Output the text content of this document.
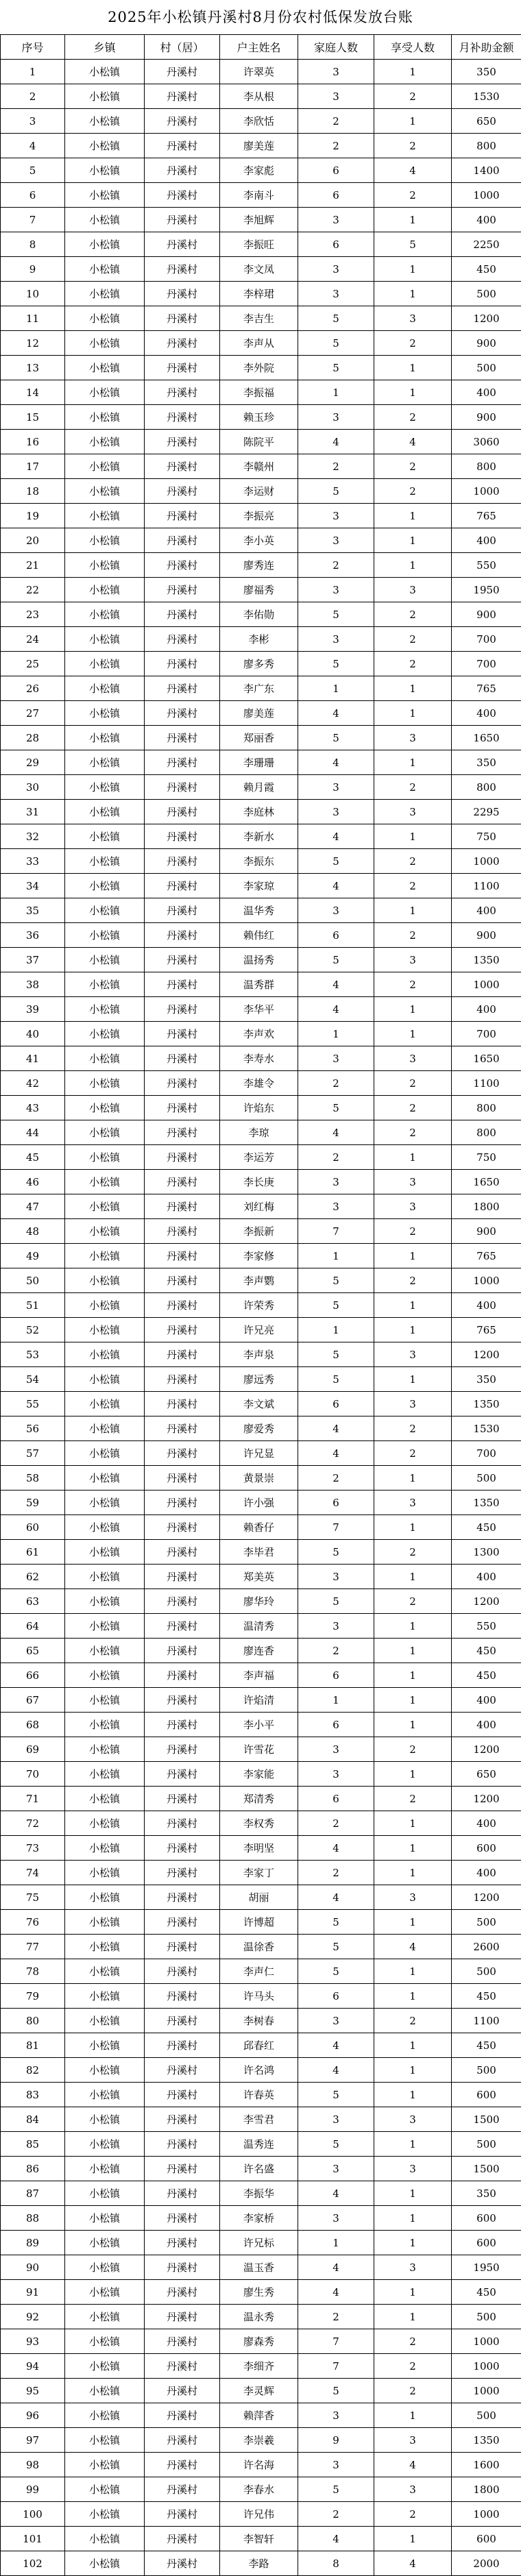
2025年小松镇丹溪村8月份农村低保发放台账
序号	乡镇	村（居）	户主姓名	家庭人数	享受人数	月补助金额
1	小松镇	丹溪村	许翠英	3	1	350
2	小松镇	丹溪村	李从根	3	2	1530
3	小松镇	丹溪村	李欣恬	2	1	650
4	小松镇	丹溪村	廖美莲	2	2	800
5	小松镇	丹溪村	李家彪	6	4	1400
6	小松镇	丹溪村	李南斗	6	2	1000
7	小松镇	丹溪村	李旭辉	3	1	400
8	小松镇	丹溪村	李振旺	6	5	2250
9	小松镇	丹溪村	李文凤	3	1	450
10	小松镇	丹溪村	李梓珺	3	1	500
11	小松镇	丹溪村	李吉生	5	3	1200
12	小松镇	丹溪村	李声从	5	2	900
13	小松镇	丹溪村	李外院	5	1	500
14	小松镇	丹溪村	李振福	1	1	400
15	小松镇	丹溪村	赖玉珍	3	2	900
16	小松镇	丹溪村	陈院平	4	4	3060
17	小松镇	丹溪村	李赣州	2	2	800
18	小松镇	丹溪村	李运财	5	2	1000
19	小松镇	丹溪村	李振亮	3	1	765
20	小松镇	丹溪村	李小英	3	1	400
21	小松镇	丹溪村	廖秀连	2	1	550
22	小松镇	丹溪村	廖福秀	3	3	1950
23	小松镇	丹溪村	李佑勋	5	2	900
24	小松镇	丹溪村	李彬	3	2	700
25	小松镇	丹溪村	廖多秀	5	2	700
26	小松镇	丹溪村	李广东	1	1	765
27	小松镇	丹溪村	廖美莲	4	1	400
28	小松镇	丹溪村	郑丽香	5	3	1650
29	小松镇	丹溪村	李珊珊	4	1	350
30	小松镇	丹溪村	赖月霞	3	2	800
31	小松镇	丹溪村	李庭林	3	3	2295
32	小松镇	丹溪村	李新水	4	1	750
33	小松镇	丹溪村	李振东	5	2	1000
34	小松镇	丹溪村	李家琼	4	2	1100
35	小松镇	丹溪村	温华秀	3	1	400
36	小松镇	丹溪村	赖伟红	6	2	900
37	小松镇	丹溪村	温扬秀	5	3	1350
38	小松镇	丹溪村	温秀群	4	2	1000
39	小松镇	丹溪村	李华平	4	1	400
40	小松镇	丹溪村	李声欢	1	1	700
41	小松镇	丹溪村	李寿水	3	3	1650
42	小松镇	丹溪村	李雄令	2	2	1100
43	小松镇	丹溪村	许焰东	5	2	800
44	小松镇	丹溪村	李琼	4	2	800
45	小松镇	丹溪村	李运芳	2	1	750
46	小松镇	丹溪村	李长庚	3	3	1650
47	小松镇	丹溪村	刘红梅	3	3	1800
48	小松镇	丹溪村	李振新	7	2	900
49	小松镇	丹溪村	李家修	1	1	765
50	小松镇	丹溪村	李声鹦	5	2	1000
51	小松镇	丹溪村	许荣秀	5	1	400
52	小松镇	丹溪村	许兄亮	1	1	765
53	小松镇	丹溪村	李声泉	5	3	1200
54	小松镇	丹溪村	廖远秀	5	1	350
55	小松镇	丹溪村	李文斌	6	3	1350
56	小松镇	丹溪村	廖爱秀	4	2	1530
57	小松镇	丹溪村	许兄显	4	2	700
58	小松镇	丹溪村	黄景崇	2	1	500
59	小松镇	丹溪村	许小强	6	3	1350
60	小松镇	丹溪村	赖香仔	7	1	450
61	小松镇	丹溪村	李毕君	5	2	1300
62	小松镇	丹溪村	郑美英	3	1	400
63	小松镇	丹溪村	廖华玲	5	2	1200
64	小松镇	丹溪村	温清秀	3	1	550
65	小松镇	丹溪村	廖连香	2	1	450
66	小松镇	丹溪村	李声福	6	1	450
67	小松镇	丹溪村	许焰清	1	1	400
68	小松镇	丹溪村	李小平	6	1	400
69	小松镇	丹溪村	许雪花	3	2	1200
70	小松镇	丹溪村	李家能	3	1	650
71	小松镇	丹溪村	郑清秀	6	2	1200
72	小松镇	丹溪村	李权秀	2	1	400
73	小松镇	丹溪村	李明坚	4	1	600
74	小松镇	丹溪村	李家丁	2	1	400
75	小松镇	丹溪村	胡丽	4	3	1200
76	小松镇	丹溪村	许博超	5	1	500
77	小松镇	丹溪村	温徐香	5	4	2600
78	小松镇	丹溪村	李声仁	5	1	500
79	小松镇	丹溪村	许马头	6	1	450
80	小松镇	丹溪村	李树春	3	2	1100
81	小松镇	丹溪村	邱春红	4	1	450
82	小松镇	丹溪村	许名鸿	4	1	500
83	小松镇	丹溪村	许春英	5	1	600
84	小松镇	丹溪村	李雪君	3	3	1500
85	小松镇	丹溪村	温秀连	5	1	500
86	小松镇	丹溪村	许名盛	3	3	1500
87	小松镇	丹溪村	李振华	4	1	350
88	小松镇	丹溪村	李家桥	3	1	600
89	小松镇	丹溪村	许兄标	1	1	600
90	小松镇	丹溪村	温玉香	4	3	1950
91	小松镇	丹溪村	廖生秀	4	1	450
92	小松镇	丹溪村	温永秀	2	1	500
93	小松镇	丹溪村	廖森秀	7	2	1000
94	小松镇	丹溪村	李细齐	7	2	1000
95	小松镇	丹溪村	李灵辉	5	2	1000
96	小松镇	丹溪村	赖萍香	3	1	500
97	小松镇	丹溪村	李崇羲	9	3	1350
98	小松镇	丹溪村	许名海	3	4	1600
99	小松镇	丹溪村	李春水	5	3	1800
100	小松镇	丹溪村	许兄伟	2	2	1000
101	小松镇	丹溪村	李智轩	4	1	600
102	小松镇	丹溪村	李路	8	4	2000
